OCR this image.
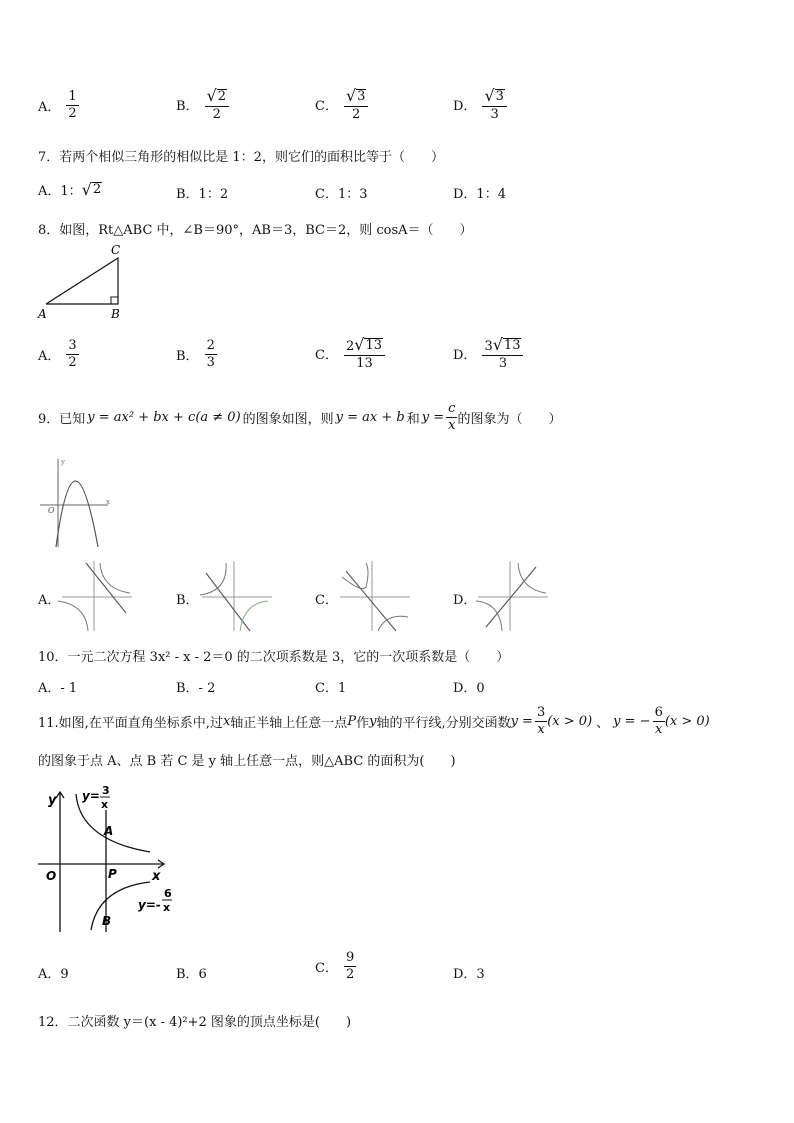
A． $\frac{1}{2}$	B． $\frac{√ 2}{2}$	C． $\frac{√ 3}{2}$	D． $\frac{√ 3}{3}$
7．若两个相似三角形的相似比是 1：2，则它们的面积比等于（　　）
A． 1： √ 2	B．1：2	C．1：3	D．1：4
8．如图，Rt△ABC 中，∠B＝90°，AB＝3，BC＝2，则 cosA＝（　　）
C
A	B
A． $\frac{3}{2}$	B． $\frac{2}{3}$	C． $\frac{2 √ 13}{13}$	D． $\frac{3 √ 13}{3}$
9．已知 y = ax² + bx + c(a ≠ 0) 的图象如图，则 y = ax + b 和 $y = \frac{c}{x}$ 的图象为（　　）
O
x
y
A．	B．	C．	D．
10．一元二次方程 3x² - x - 2＝0 的二次项系数是 3，它的一次项系数是（　　）
A．- 1	B．- 2	C．1	D．0
11.如图,在平面直角坐标系中,过 x 轴正半轴上任意一点 P 作 y 轴的平行线,分别交函数 $y = \frac{3}{x} (x > 0)$ 、 y = − $\frac{6}{x} (x > 0)$
的图象于点 A、点 B 若 C 是 y 轴上任意一点，则△ABC 的面积为(　　)
y
x
O	P
A
B
y= 3
x
y=-
6
x
A．9	B．6	C． $\frac{9}{2}$	D．3
12．二次函数 y＝(x - 4)²+2 图象的顶点坐标是(　　)
